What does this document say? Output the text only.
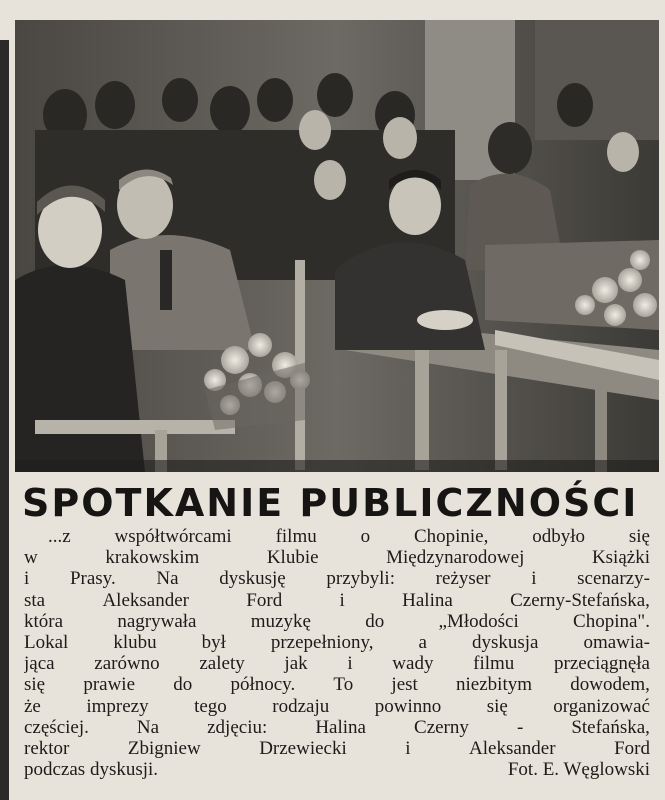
SPOTKANIE PUBLICZNOŚCI
...z współtwórcami filmu o Chopinie, odbyło się
w	krakowskim	Klubie	Międzynarodowej	Książki
i Prasy. Na dyskusję przybyli: reżyser i scenarzy-
sta	Aleksander	Ford	i	Halina	Czerny-Stefańska,
która	nagrywała	muzykę	do	„Młodości	Chopina".
Lokal klubu był przepełniony, a dyskusja omawia-
jąca zarówno zalety jak i wady filmu przeciągnęła
się prawie do północy. To jest niezbitym dowodem,
że imprezy tego rodzaju powinno się organizować
częściej.	Na	zdjęciu:	Halina	Czerny	-	Stefańska,
rektor	Zbigniew	Drzewiecki	i	Aleksander	Ford
podczas dyskusji.	Fot. E. Węglowski
